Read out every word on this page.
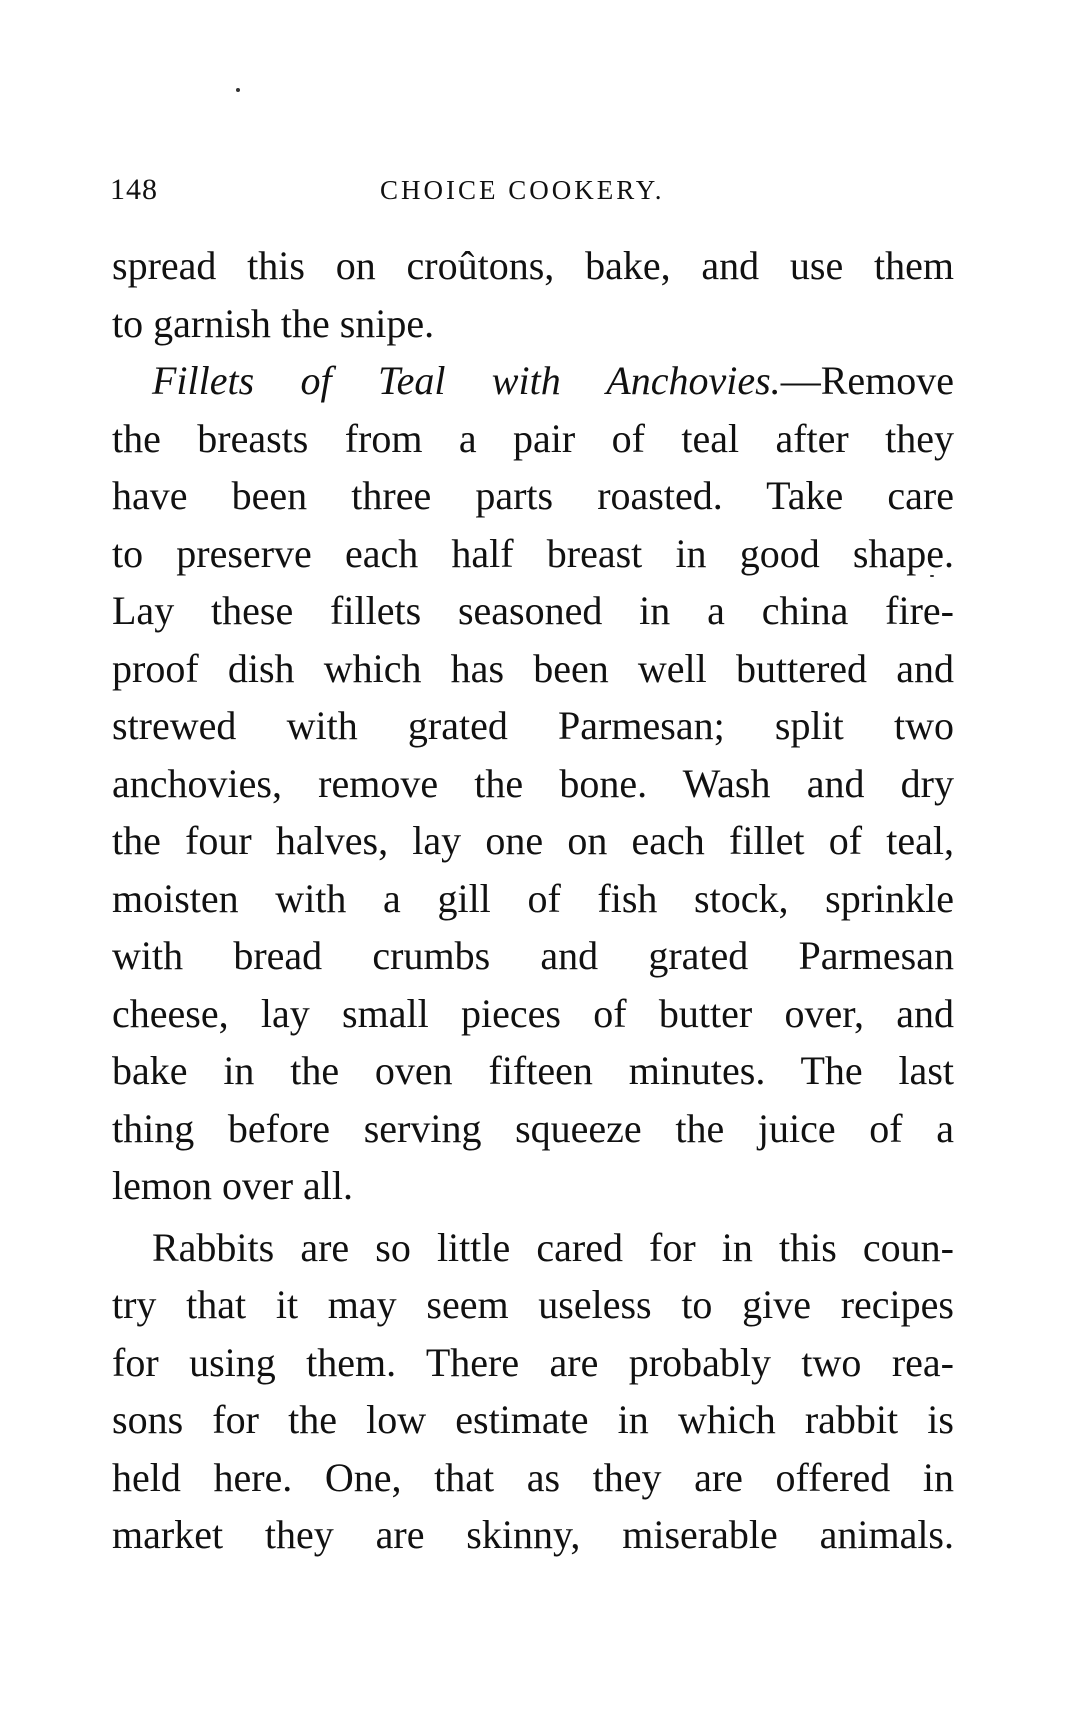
148	CHOICE COOKERY.
spread this on croûtons, bake, and use them
to garnish the snipe.
Fillets of Teal with Anchovies.—Remove
the breasts from a pair of teal after they
have been three parts roasted. Take care
to preserve each half breast in good shape.
Lay these fillets seasoned in a china fire-
proof dish which has been well buttered and
strewed with grated Parmesan; split two
anchovies, remove the bone. Wash and dry
the four halves, lay one on each fillet of teal,
moisten with a gill of fish stock, sprinkle
with bread crumbs and grated Parmesan
cheese, lay small pieces of butter over, and
bake in the oven fifteen minutes. The last
thing before serving squeeze the juice of a
lemon over all.
Rabbits are so little cared for in this coun-
try that it may seem useless to give recipes
for using them. There are probably two rea-
sons for the low estimate in which rabbit is
held here. One, that as they are offered in
market they are skinny, miserable animals.
